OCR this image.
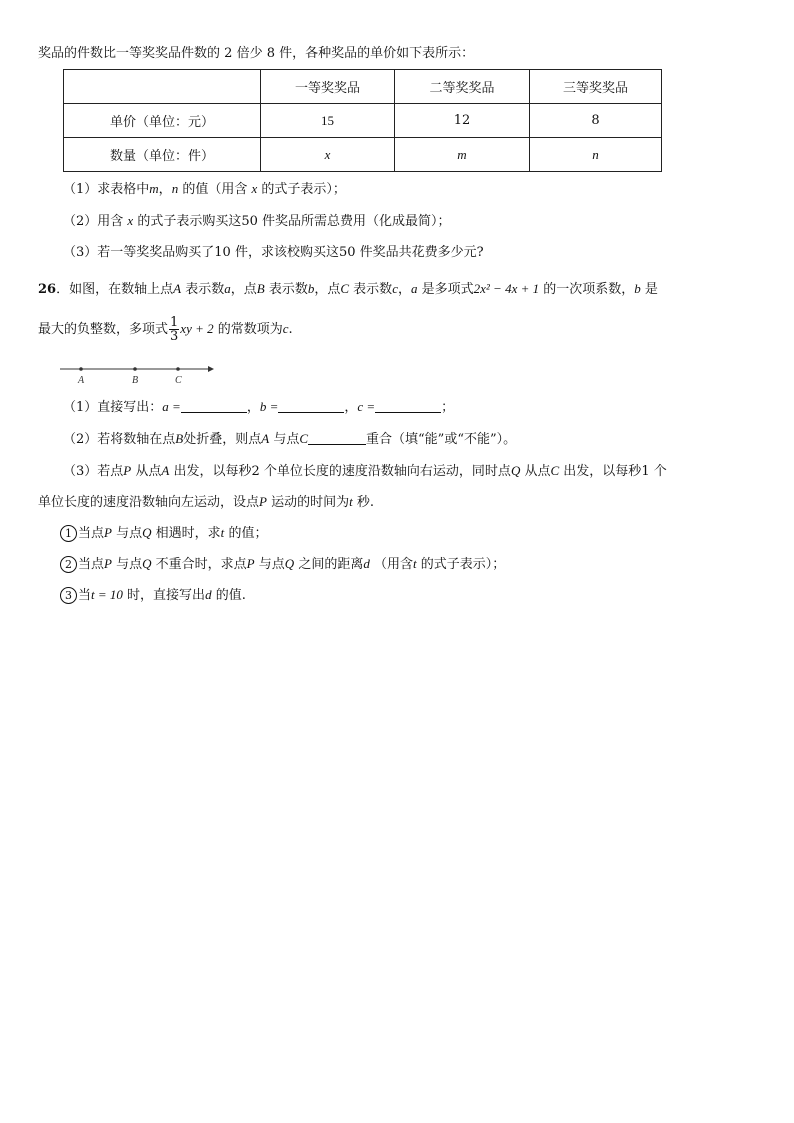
奖品的件数比一等奖奖品件数的 2 倍少 8 件，各种奖品的单价如下表所示：
	一等奖奖品	二等奖奖品	三等奖奖品
单价（单位：元）	15	12	8
数量（单位：件）	x	m	n
（1）求表格中m，n 的值（用含 x 的式子表示）；
（2）用含 x 的式子表示购买这50 件奖品所需总费用（化成最简）；
（3）若一等奖奖品购买了10 件，求该校购买这50 件奖品共花费多少元?
26．如图，在数轴上点A 表示数a，点B 表示数b，点C 表示数c，a 是多项式2x² − 4x + 1 的一次项系数，b 是
最大的负整数，多项式 $\frac{1}{3}$ xy + 2 的常数项为c.
A	B	C
（1）直接写出：a =	，b =	，c =	；
（2）若将数轴在点B处折叠，则点A 与点C	重合（填“能”或“不能”）。
（3）若点P 从点A 出发，以每秒2 个单位长度的速度沿数轴向右运动，同时点Q 从点C 出发，以每秒1 个
单位长度的速度沿数轴向左运动，设点P 运动的时间为t 秒.
1 当点P 与点Q 相遇时，求t 的值；
2 当点P 与点Q 不重合时，求点P 与点Q 之间的距离d （用含t 的式子表示）；
3 当t = 10 时，直接写出d 的值.
